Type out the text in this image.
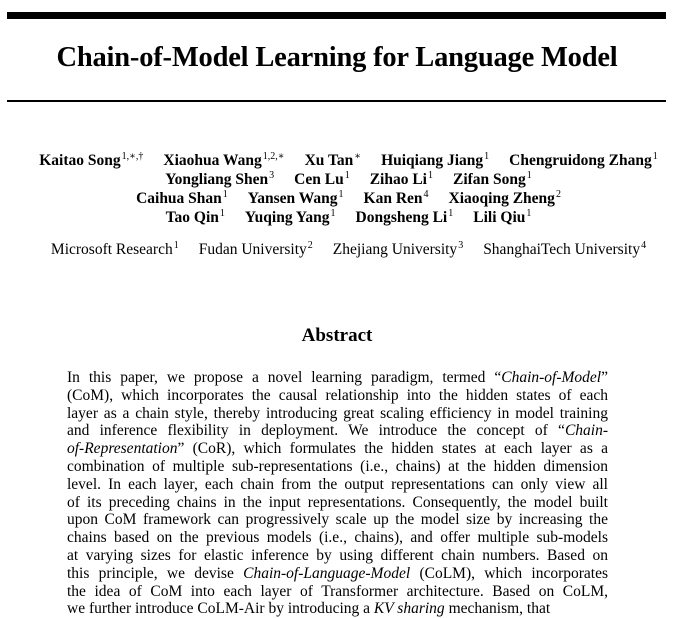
Chain-of-Model Learning for Language Model
Kaitao Song$^{1,∗,\dagger}$ Xiaohua Wang$^{1,2,∗}$ Xu Tan∗ Huiqiang Jiang$^1$ Chengruidong Zhang$^1$
Yongliang Shen$^3$ Cen Lu$^1$ Zihao Li$^1$ Zifan Song$^1$
Caihua Shan$^1$ Yansen Wang$^1$ Kan Ren$^4$ Xiaoqing Zheng$^2$
Tao Qin$^1$ Yuqing Yang$^1$ Dongsheng Li$^1$ Lili Qiu$^1$
Microsoft Research$^1$ Fudan University$^2$ Zhejiang University$^3$ ShanghaiTech University$^4$
Abstract
In this paper, we propose a novel learning paradigm, termed “Chain-of-Model”
(CoM), which incorporates the causal relationship into the hidden states of each
layer as a chain style, thereby introducing great scaling efficiency in model training
and inference flexibility in deployment. We introduce the concept of “Chain-
of-Representation” (CoR), which formulates the hidden states at each layer as a
combination of multiple sub-representations (i.e., chains) at the hidden dimension
level. In each layer, each chain from the output representations can only view all
of its preceding chains in the input representations. Consequently, the model built
upon CoM framework can progressively scale up the model size by increasing the
chains based on the previous models (i.e., chains), and offer multiple sub-models
at varying sizes for elastic inference by using different chain numbers. Based on
this principle, we devise Chain-of-Language-Model (CoLM), which incorporates
the idea of CoM into each layer of Transformer architecture. Based on CoLM,
we further introduce CoLM-Air by introducing a KV sharing mechanism, that
